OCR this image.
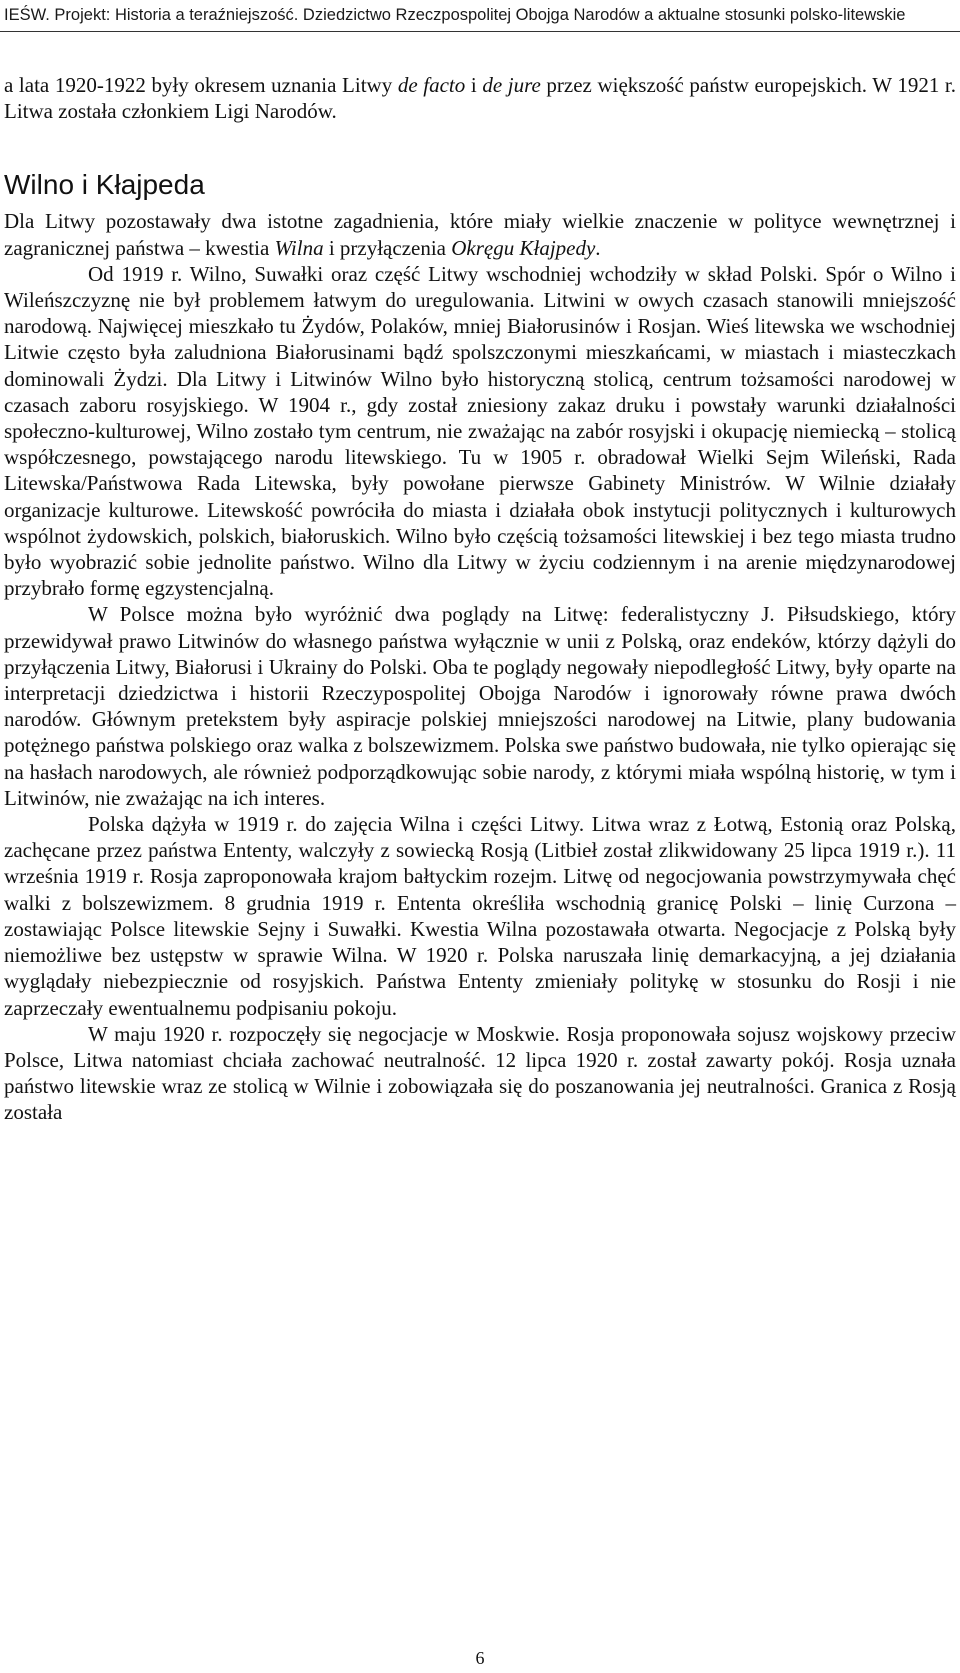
IEŚW. Projekt: Historia a teraźniejszość. Dziedzictwo Rzeczpospolitej Obojga Narodów a aktualne stosunki polsko-litewskie

a lata 1920-1922 były okresem uznania Litwy de facto i de jure przez większość państw europejskich. W 1921 r. Litwa została członkiem Ligi Narodów.

Wilno i Kłajpeda

Dla Litwy pozostawały dwa istotne zagadnienia, które miały wielkie znaczenie w polityce wewnętrznej i zagranicznej państwa – kwestia Wilna i przyłączenia Okręgu Kłajpedy.

Od 1919 r. Wilno, Suwałki oraz część Litwy wschodniej wchodziły w skład Polski. Spór o Wilno i Wileńszczyznę nie był problemem łatwym do uregulowania. Litwini w owych czasach stanowili mniejszość narodową. Najwięcej mieszkało tu Żydów, Polaków, mniej Białorusinów i Rosjan. Wieś litewska we wschodniej Litwie często była zaludniona Białorusinami bądź spolszczonymi mieszkańcami, w miastach i miasteczkach dominowali Żydzi. Dla Litwy i Litwinów Wilno było historyczną stolicą, centrum tożsamości narodowej w czasach zaboru rosyjskiego. W 1904 r., gdy został zniesiony zakaz druku i powstały warunki działalności społeczno-kulturowej, Wilno zostało tym centrum, nie zważając na zabór rosyjski i okupację niemiecką – stolicą współczesnego, powstającego narodu litewskiego. Tu w 1905 r. obradował Wielki Sejm Wileński, Rada Litewska/Państwowa Rada Litewska, były powołane pierwsze Gabinety Ministrów. W Wilnie działały organizacje kulturowe. Litewskość powróciła do miasta i działała obok instytucji politycznych i kulturowych wspólnot żydowskich, polskich, białoruskich. Wilno było częścią tożsamości litewskiej i bez tego miasta trudno było wyobrazić sobie jednolite państwo. Wilno dla Litwy w życiu codziennym i na arenie międzynarodowej przybrało formę egzystencjalną.

W Polsce można było wyróżnić dwa poglądy na Litwę: federalistyczny J. Piłsudskiego, który przewidywał prawo Litwinów do własnego państwa wyłącznie w unii z Polską, oraz endeków, którzy dążyli do przyłączenia Litwy, Białorusi i Ukrainy do Polski. Oba te poglądy negowały niepodległość Litwy, były oparte na interpretacji dziedzictwa i historii Rzeczypospolitej Obojga Narodów i ignorowały równe prawa dwóch narodów. Głównym pretekstem były aspiracje polskiej mniejszości narodowej na Litwie, plany budowania potężnego państwa polskiego oraz walka z bolszewizmem. Polska swe państwo budowała, nie tylko opierając się na hasłach narodowych, ale również podporządkowując sobie narody, z którymi miała wspólną historię, w tym i Litwinów, nie zważając na ich interes.

Polska dążyła w 1919 r. do zajęcia Wilna i części Litwy. Litwa wraz z Łotwą, Estonią oraz Polską, zachęcane przez państwa Ententy, walczyły z sowiecką Rosją (Litbieł został zlikwidowany 25 lipca 1919 r.). 11 września 1919 r. Rosja zaproponowała krajom bałtyckim rozejm. Litwę od negocjowania powstrzymywała chęć walki z bolszewizmem. 8 grudnia 1919 r. Ententa określiła wschodnią granicę Polski – linię Curzona – zostawiając Polsce litewskie Sejny i Suwałki. Kwestia Wilna pozostawała otwarta. Negocjacje z Polską były niemożliwe bez ustępstw w sprawie Wilna. W 1920 r. Polska naruszała linię demarkacyjną, a jej działania wyglądały niebezpiecznie od rosyjskich. Państwa Ententy zmieniały politykę w stosunku do Rosji i nie zaprzeczały ewentualnemu podpisaniu pokoju.

W maju 1920 r. rozpoczęły się negocjacje w Moskwie. Rosja proponowała sojusz wojskowy przeciw Polsce, Litwa natomiast chciała zachować neutralność. 12 lipca 1920 r. został zawarty pokój. Rosja uznała państwo litewskie wraz ze stolicą w Wilnie i zobowiązała się do poszanowania jej neutralności. Granica z Rosją została

6
